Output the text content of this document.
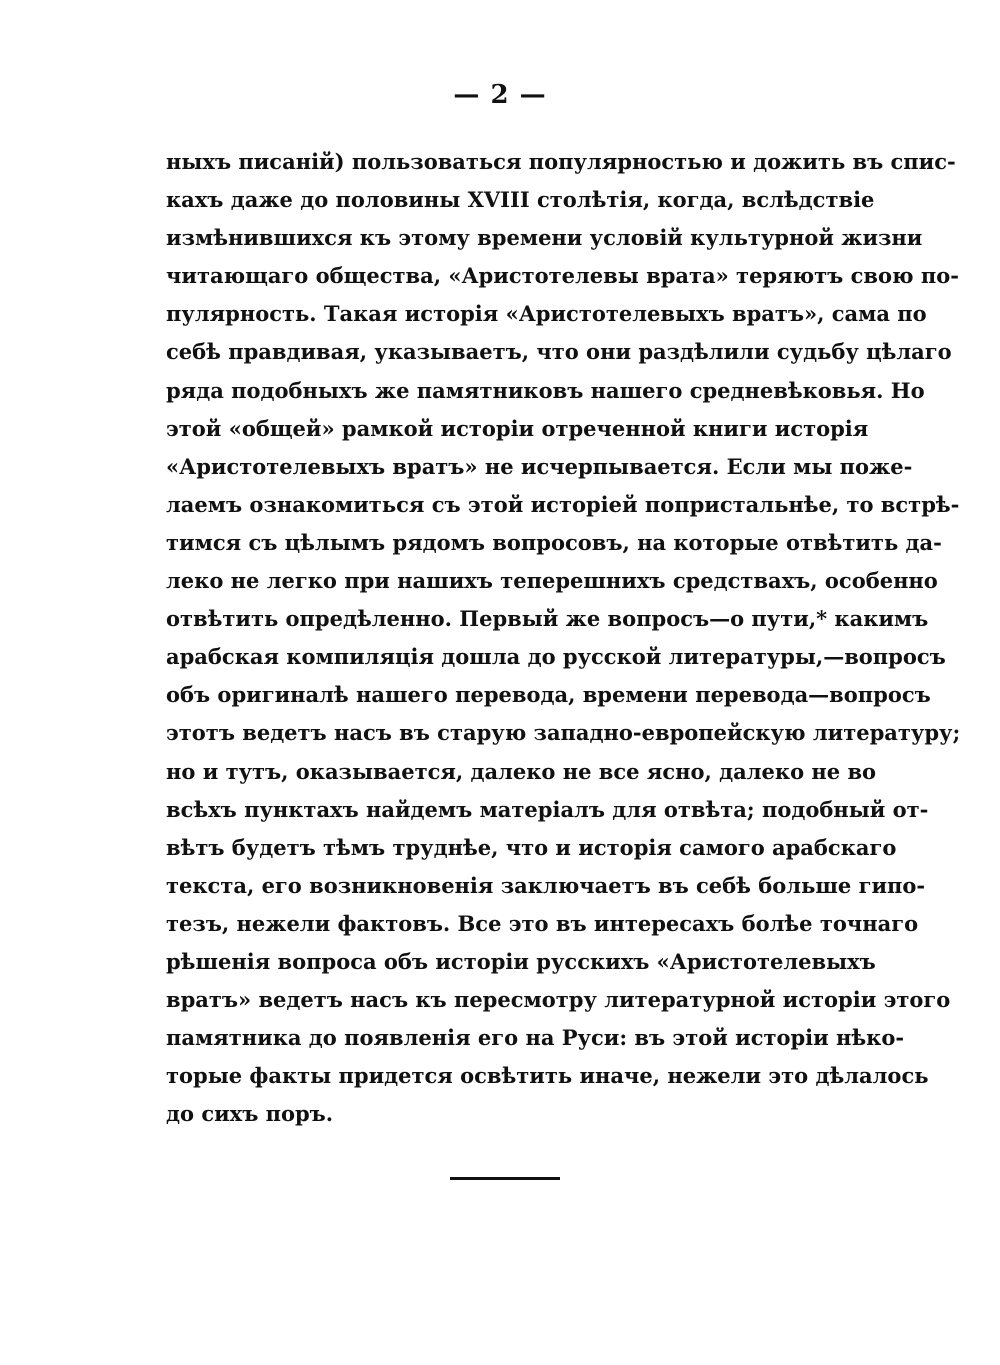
— 2 —
ныхъ писаній) пользоваться популярностью и дожить въ спис-
кахъ даже до половины XVIII столѣтія, когда, вслѣдствіе
измѣнившихся къ этому времени условій культурной жизни
читающаго общества, «Аристотелевы врата» теряютъ свою по-
пулярность. Такая исторія «Аристотелевыхъ вратъ», сама по
себѣ правдивая, указываетъ, что они раздѣлили судьбу цѣлаго
ряда подобныхъ же памятниковъ нашего средневѣковья. Но
этой «общей» рамкой исторіи отреченной книги исторія
«Аристотелевыхъ вратъ» не исчерпывается. Если мы поже-
лаемъ ознакомиться съ этой исторіей попристальнѣе, то встрѣ-
тимся съ цѣлымъ рядомъ вопросовъ, на которые отвѣтить да-
леко не легко при нашихъ теперешнихъ средствахъ, особенно
отвѣтить опредѣленно. Первый же вопросъ—о пути,* какимъ
арабская компиляція дошла до русской литературы,—вопросъ
объ оригиналѣ нашего перевода, времени перевода—вопросъ
этотъ ведетъ насъ въ старую западно-европейскую литературу;
но и тутъ, оказывается, далеко не все ясно, далеко не во
всѣхъ пунктахъ найдемъ матеріалъ для отвѣта; подобный от-
вѣтъ будетъ тѣмъ труднѣе, что и исторія самого арабскаго
текста, его возникновенія заключаетъ въ себѣ больше гипо-
тезъ, нежели фактовъ. Все это въ интересахъ болѣе точнаго
рѣшенія вопроса объ исторіи русскихъ «Аристотелевыхъ
вратъ» ведетъ насъ къ пересмотру литературной исторіи этого
памятника до появленія его на Руси: въ этой исторіи нѣко-
торые факты придется освѣтить иначе, нежели это дѣлалось
до сихъ поръ.
